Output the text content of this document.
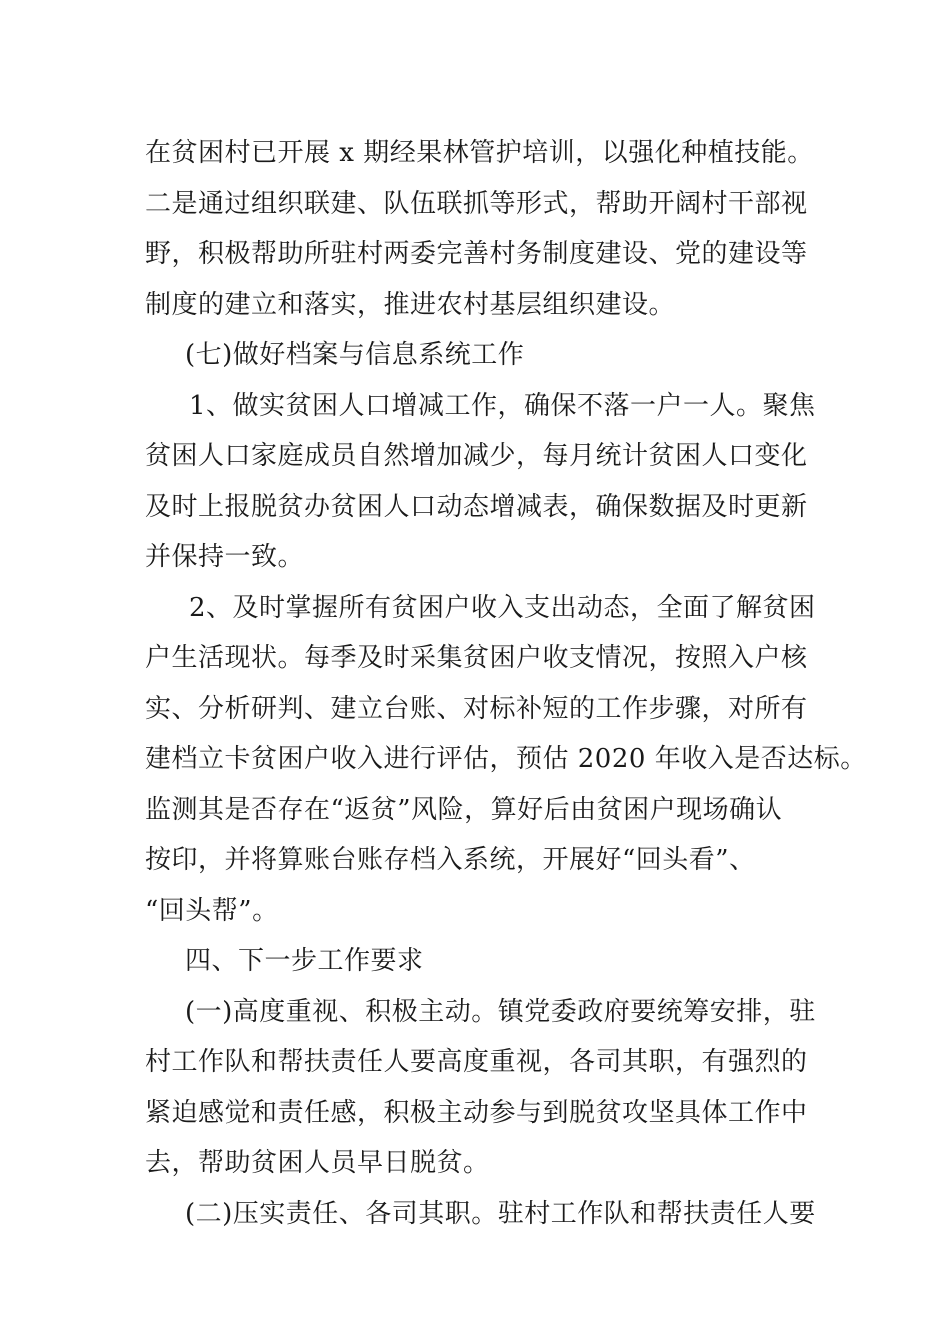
在贫困村已开展 x 期经果林管护培训，以强化种植技能。
二是通过组织联建、队伍联抓等形式，帮助开阔村干部视
野，积极帮助所驻村两委完善村务制度建设、党的建设等
制度的建立和落实，推进农村基层组织建设。
(七)做好档案与信息系统工作
1、做实贫困人口增减工作，确保不落一户一人。聚焦
贫困人口家庭成员自然增加减少，每月统计贫困人口变化
及时上报脱贫办贫困人口动态增减表，确保数据及时更新
并保持一致。
2、及时掌握所有贫困户收入支出动态，全面了解贫困
户生活现状。每季及时采集贫困户收支情况，按照入户核
实、分析研判、建立台账、对标补短的工作步骤，对所有
建档立卡贫困户收入进行评估，预估 2020 年收入是否达标。
监测其是否存在“返贫”风险，算好后由贫困户现场确认
按印，并将算账台账存档入系统，开展好“回头看”、
“回头帮”。
四、下一步工作要求
(一)高度重视、积极主动。镇党委政府要统筹安排，驻
村工作队和帮扶责任人要高度重视，各司其职，有强烈的
紧迫感觉和责任感，积极主动参与到脱贫攻坚具体工作中
去，帮助贫困人员早日脱贫。
(二)压实责任、各司其职。驻村工作队和帮扶责任人要
